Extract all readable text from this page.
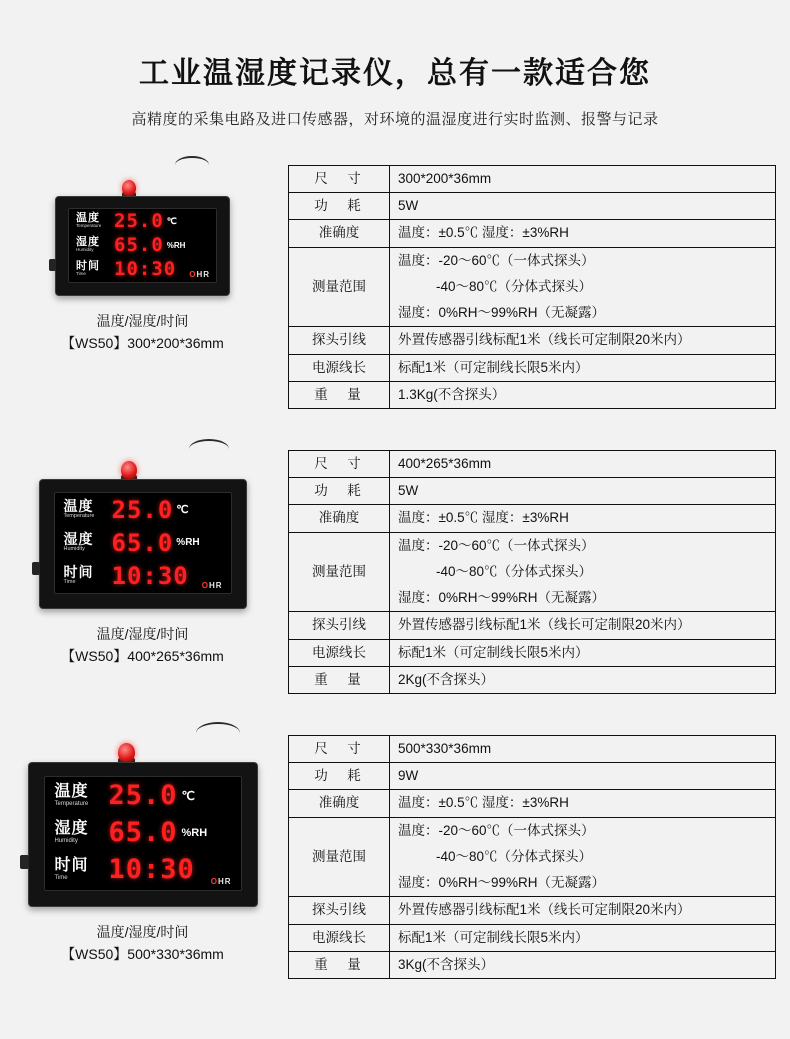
工业温湿度记录仪，总有一款适合您
高精度的采集电路及进口传感器，对环境的温湿度进行实时监测、报警与记录
温度
Temperature 25.0 ℃
湿度
Humidity	65.0 %RH
时间
Time	10:30 OHR
温度/湿度/时间
【WS50】300*200*36mm
尺　寸	300*200*36mm
功　耗	5W
准确度	温度：±0.5℃ 湿度：±3%RH
测量范围	温度：-20～60℃（一体式探头）
	-40～80℃（分体式探头）
	湿度：0%RH～99%RH（无凝露）
探头引线	外置传感器引线标配1米（线长可定制限20米内）
电源线长	标配1米（可定制线长限5米内）
重　量	1.3Kg(不含探头）
温度
Temperature 25.0 ℃
湿度
Humidity	65.0 %RH
时间
Time	10:30 OHR
温度/湿度/时间
【WS50】400*265*36mm
尺　寸	400*265*36mm
功　耗	5W
准确度	温度：±0.5℃ 湿度：±3%RH
测量范围	温度：-20～60℃（一体式探头）
	-40～80℃（分体式探头）
	湿度：0%RH～99%RH（无凝露）
探头引线	外置传感器引线标配1米（线长可定制限20米内）
电源线长	标配1米（可定制线长限5米内）
重　量	2Kg(不含探头）
温度
Temperature 25.0 ℃
湿度
Humidity	65.0 %RH
时间
Time	10:30 OHR
温度/湿度/时间
【WS50】500*330*36mm
尺　寸	500*330*36mm
功　耗	9W
准确度	温度：±0.5℃ 湿度：±3%RH
测量范围	温度：-20～60℃（一体式探头）
	-40～80℃（分体式探头）
	湿度：0%RH～99%RH（无凝露）
探头引线	外置传感器引线标配1米（线长可定制限20米内）
电源线长	标配1米（可定制线长限5米内）
重　量	3Kg(不含探头）
